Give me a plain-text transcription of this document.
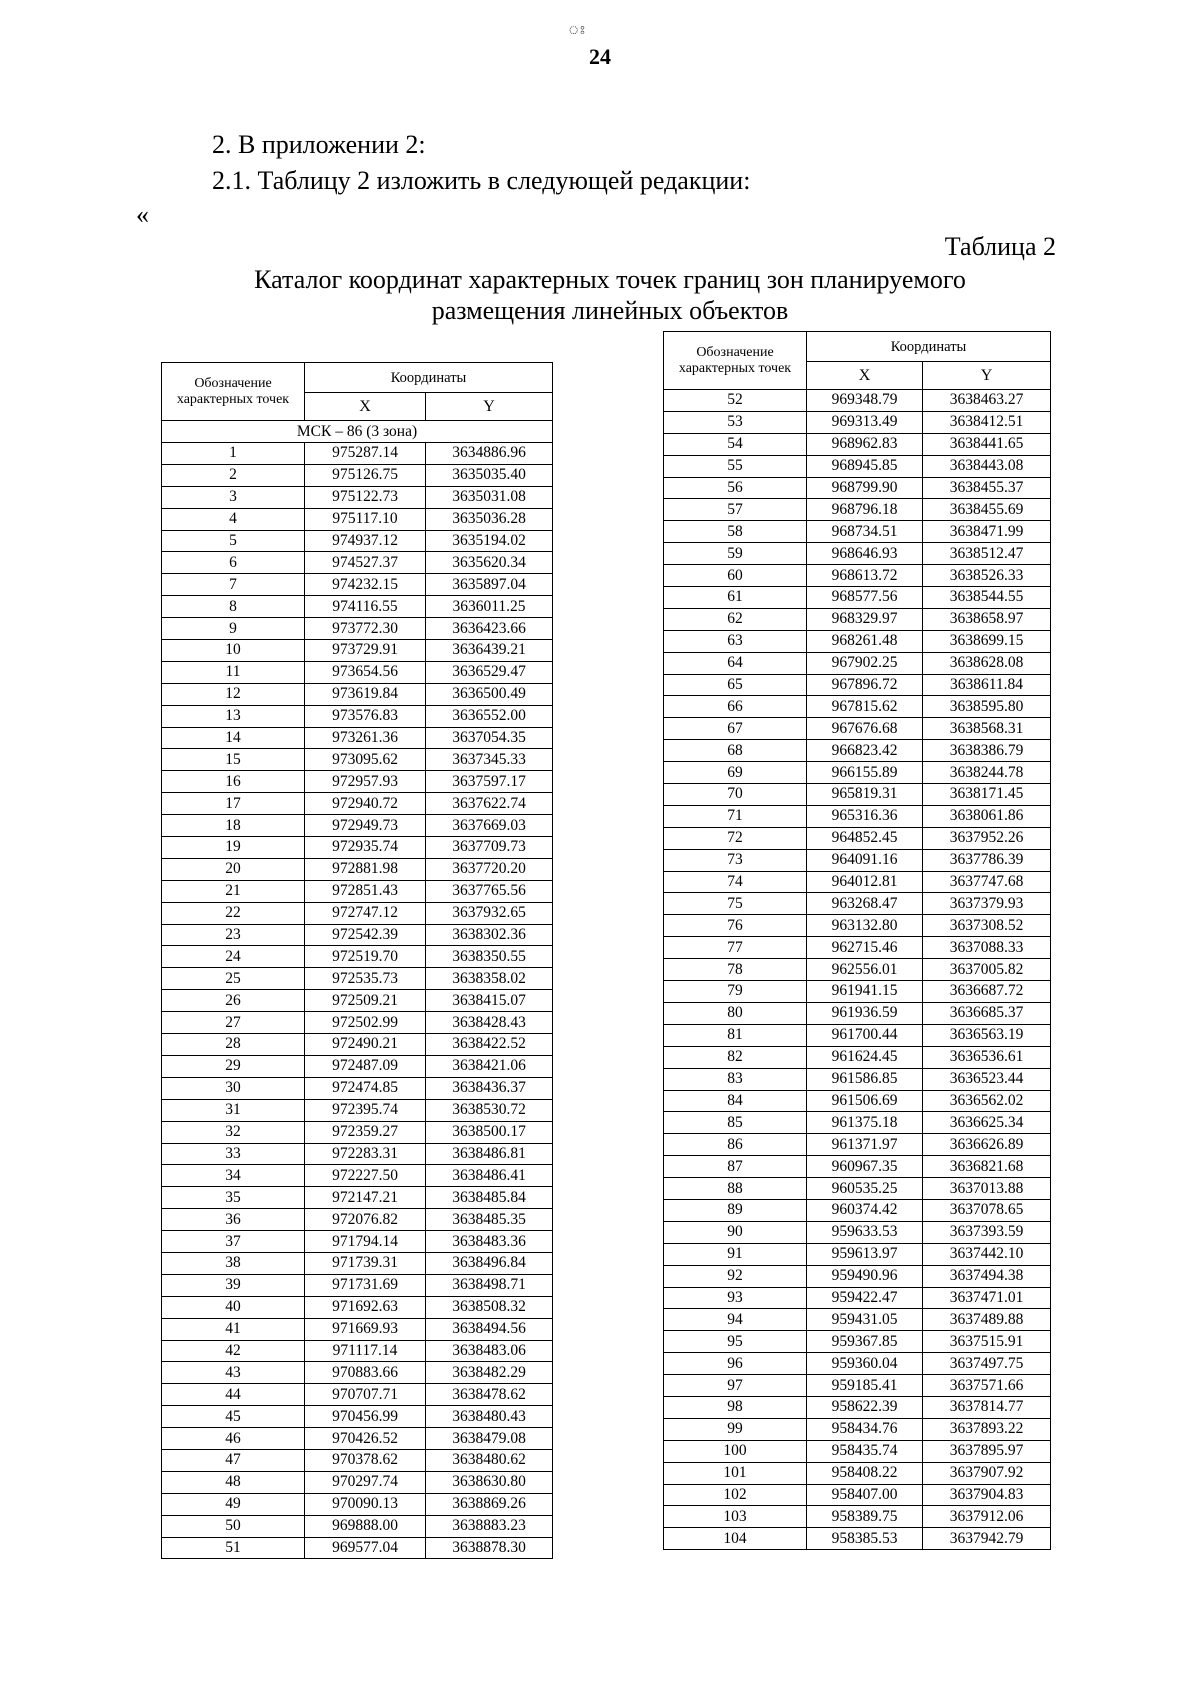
ঃ
24
2. В приложении 2:
2.1. Таблицу 2 изложить в следующей редакции:
«
Таблица 2
Каталог координат характерных точек границ зон планируемого
размещения линейных объектов
Обозначение характерных точек	Координаты	
	X	Y
МСК – 86 (3 зона)		
1	975287.14	3634886.96
2	975126.75	3635035.40
3	975122.73	3635031.08
4	975117.10	3635036.28
5	974937.12	3635194.02
6	974527.37	3635620.34
7	974232.15	3635897.04
8	974116.55	3636011.25
9	973772.30	3636423.66
10	973729.91	3636439.21
11	973654.56	3636529.47
12	973619.84	3636500.49
13	973576.83	3636552.00
14	973261.36	3637054.35
15	973095.62	3637345.33
16	972957.93	3637597.17
17	972940.72	3637622.74
18	972949.73	3637669.03
19	972935.74	3637709.73
20	972881.98	3637720.20
21	972851.43	3637765.56
22	972747.12	3637932.65
23	972542.39	3638302.36
24	972519.70	3638350.55
25	972535.73	3638358.02
26	972509.21	3638415.07
27	972502.99	3638428.43
28	972490.21	3638422.52
29	972487.09	3638421.06
30	972474.85	3638436.37
31	972395.74	3638530.72
32	972359.27	3638500.17
33	972283.31	3638486.81
34	972227.50	3638486.41
35	972147.21	3638485.84
36	972076.82	3638485.35
37	971794.14	3638483.36
38	971739.31	3638496.84
39	971731.69	3638498.71
40	971692.63	3638508.32
41	971669.93	3638494.56
42	971117.14	3638483.06
43	970883.66	3638482.29
44	970707.71	3638478.62
45	970456.99	3638480.43
46	970426.52	3638479.08
47	970378.62	3638480.62
48	970297.74	3638630.80
49	970090.13	3638869.26
50	969888.00	3638883.23
51	969577.04	3638878.30
Обозначение характерных точек	Координаты	
	X	Y
52	969348.79	3638463.27
53	969313.49	3638412.51
54	968962.83	3638441.65
55	968945.85	3638443.08
56	968799.90	3638455.37
57	968796.18	3638455.69
58	968734.51	3638471.99
59	968646.93	3638512.47
60	968613.72	3638526.33
61	968577.56	3638544.55
62	968329.97	3638658.97
63	968261.48	3638699.15
64	967902.25	3638628.08
65	967896.72	3638611.84
66	967815.62	3638595.80
67	967676.68	3638568.31
68	966823.42	3638386.79
69	966155.89	3638244.78
70	965819.31	3638171.45
71	965316.36	3638061.86
72	964852.45	3637952.26
73	964091.16	3637786.39
74	964012.81	3637747.68
75	963268.47	3637379.93
76	963132.80	3637308.52
77	962715.46	3637088.33
78	962556.01	3637005.82
79	961941.15	3636687.72
80	961936.59	3636685.37
81	961700.44	3636563.19
82	961624.45	3636536.61
83	961586.85	3636523.44
84	961506.69	3636562.02
85	961375.18	3636625.34
86	961371.97	3636626.89
87	960967.35	3636821.68
88	960535.25	3637013.88
89	960374.42	3637078.65
90	959633.53	3637393.59
91	959613.97	3637442.10
92	959490.96	3637494.38
93	959422.47	3637471.01
94	959431.05	3637489.88
95	959367.85	3637515.91
96	959360.04	3637497.75
97	959185.41	3637571.66
98	958622.39	3637814.77
99	958434.76	3637893.22
100	958435.74	3637895.97
101	958408.22	3637907.92
102	958407.00	3637904.83
103	958389.75	3637912.06
104	958385.53	3637942.79
